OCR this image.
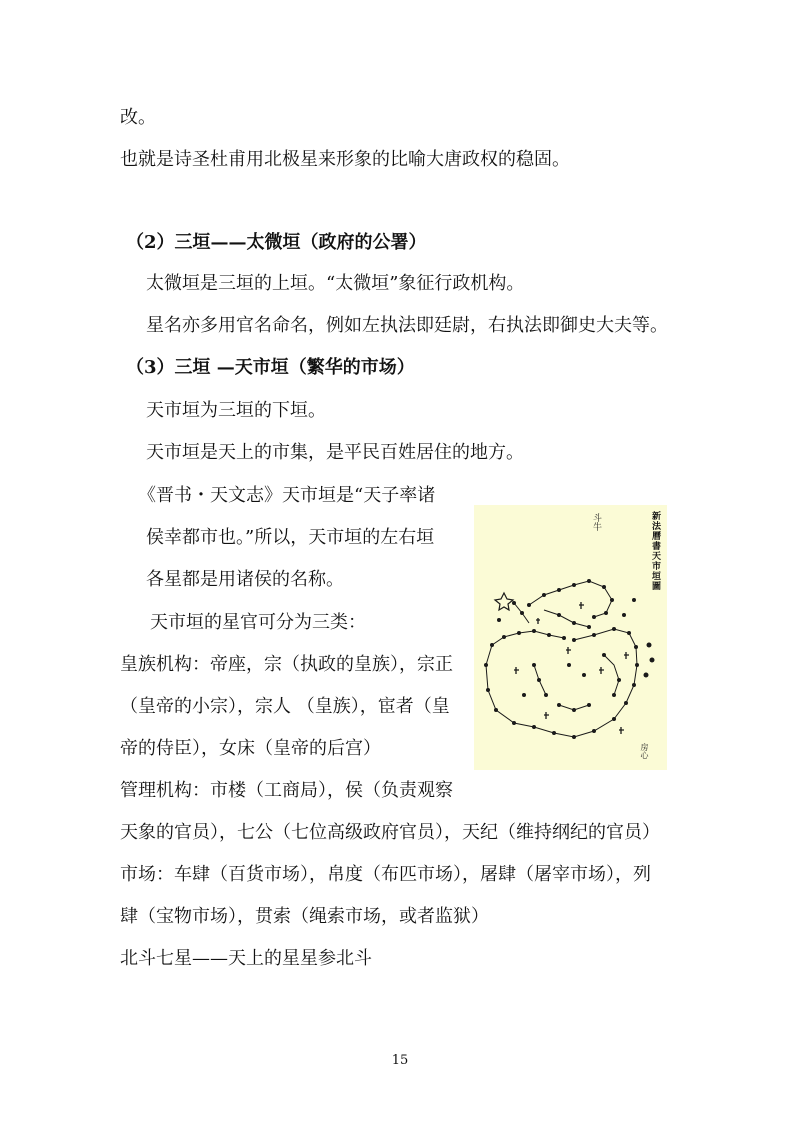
改。
也就是诗圣杜甫用北极星来形象的比喻大唐政权的稳固。
（2）三垣——太微垣（政府的公署）
太微垣是三垣的上垣。“太微垣”象征行政机构。
星名亦多用官名命名，例如左执法即廷尉，右执法即御史大夫等。
（3）三垣 —天市垣（繁华的市场）
天市垣为三垣的下垣。
天市垣是天上的市集，是平民百姓居住的地方。
《晋书・天文志》天市垣是“天子率诸
侯幸都市也。”所以，天市垣的左右垣
各星都是用诸侯的名称。
天市垣的星官可分为三类：
皇族机构：帝座，宗（执政的皇族），宗正
（皇帝的小宗），宗人 （皇族），宦者（皇
帝的侍臣），女床（皇帝的后宫）
管理机构：市楼（工商局），侯（负责观察
天象的官员），七公（七位高级政府官员），天纪（维持纲纪的官员）
市场：车肆（百货市场），帛度（布匹市场），屠肆（屠宰市场），列
肆（宝物市场），贯索（绳索市场，或者监狱）
北斗七星——天上的星星参北斗
15
新法曆書天市垣圖
斗牛
房心
